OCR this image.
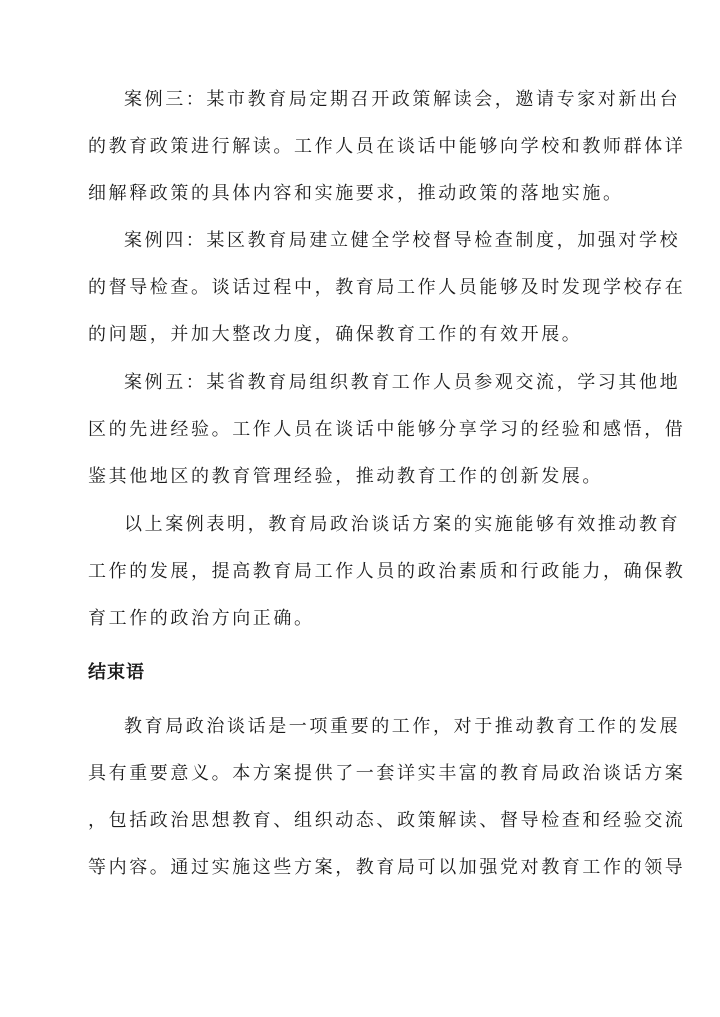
案例三：某市教育局定期召开政策解读会，邀请专家对新出台
的教育政策进行解读。工作人员在谈话中能够向学校和教师群体详
细解释政策的具体内容和实施要求，推动政策的落地实施。
案例四：某区教育局建立健全学校督导检查制度，加强对学校
的督导检查。谈话过程中，教育局工作人员能够及时发现学校存在
的问题，并加大整改力度，确保教育工作的有效开展。
案例五：某省教育局组织教育工作人员参观交流，学习其他地
区的先进经验。工作人员在谈话中能够分享学习的经验和感悟，借
鉴其他地区的教育管理经验，推动教育工作的创新发展。
以上案例表明，教育局政治谈话方案的实施能够有效推动教育
工作的发展，提高教育局工作人员的政治素质和行政能力，确保教
育工作的政治方向正确。
结束语
教育局政治谈话是一项重要的工作，对于推动教育工作的发展
具有重要意义。本方案提供了一套详实丰富的教育局政治谈话方案
，包括政治思想教育、组织动态、政策解读、督导检查和经验交流
等内容。通过实施这些方案，教育局可以加强党对教育工作的领导
